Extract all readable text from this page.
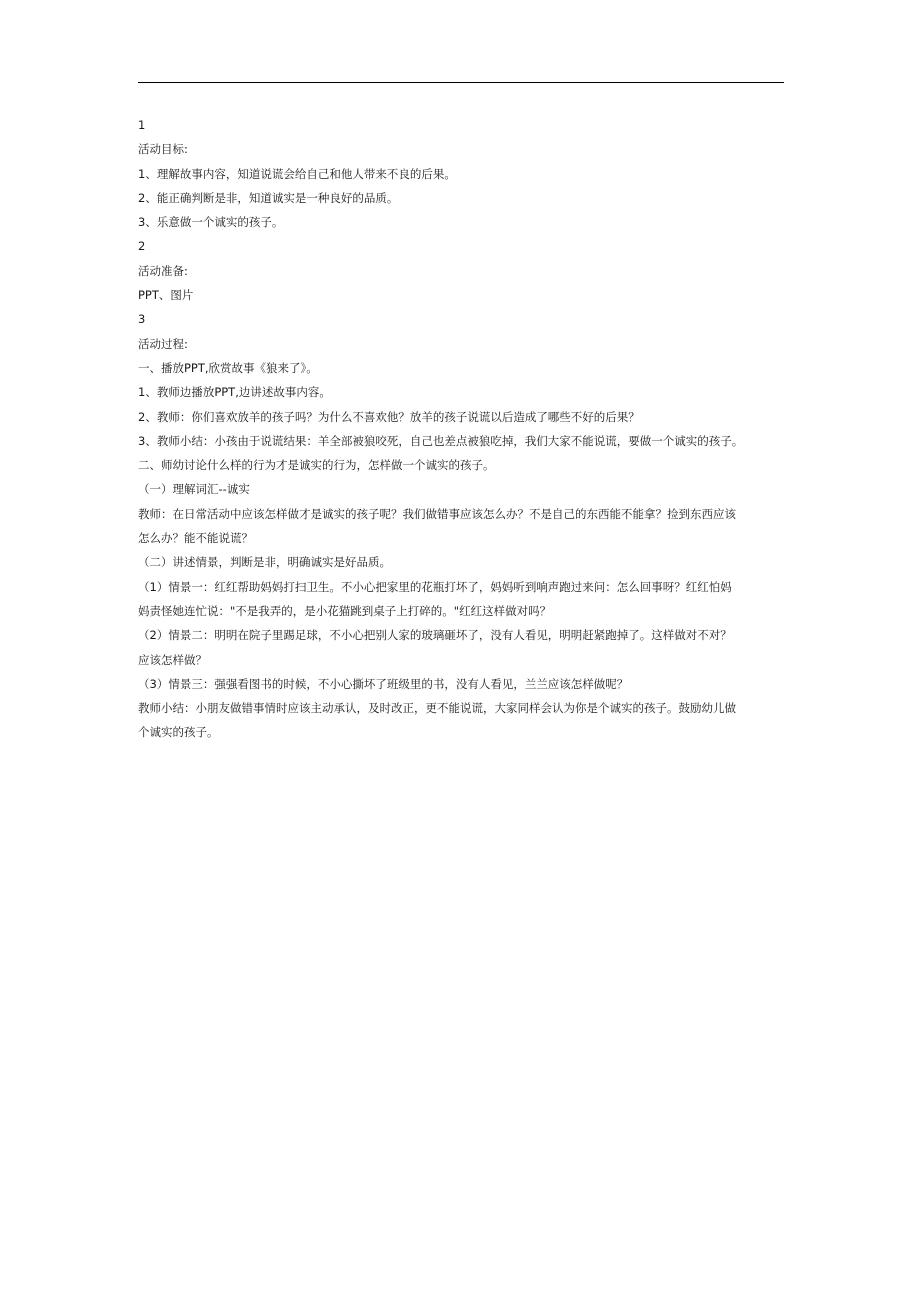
1

活动目标:

1、理解故事内容，知道说谎会给自己和他人带来不良的后果。

2、能正确判断是非，知道诚实是一种良好的品质。

3、乐意做一个诚实的孩子。

2

活动准备:

PPT、图片

3

活动过程:

一、播放PPT,欣赏故事《狼来了》。

1、教师边播放PPT,边讲述故事内容。

2、教师：你们喜欢放羊的孩子吗？为什么不喜欢他？放羊的孩子说谎以后造成了哪些不好的后果？

3、教师小结：小孩由于说谎结果：羊全部被狼咬死，自己也差点被狼吃掉，我们大家不能说谎，要做一个诚实的孩子。

二、师幼讨论什么样的行为才是诚实的行为，怎样做一个诚实的孩子。

（一）理解词汇--诚实

教师：在日常活动中应该怎样做才是诚实的孩子呢？我们做错事应该怎么办？不是自己的东西能不能拿？捡到东西应该

怎么办？能不能说谎？

（二）讲述情景，判断是非，明确诚实是好品质。

（1）情景一：红红帮助妈妈打扫卫生。不小心把家里的花瓶打坏了，妈妈听到响声跑过来问：怎么回事呀？红红怕妈

妈责怪她连忙说："不是我弄的，是小花猫跳到桌子上打碎的。"红红这样做对吗？

（2）情景二：明明在院子里踢足球，不小心把别人家的玻璃砸坏了，没有人看见，明明赶紧跑掉了。这样做对不对？

应该怎样做？

（3）情景三：强强看图书的时候，不小心撕坏了班级里的书，没有人看见，兰兰应该怎样做呢？

教师小结：小朋友做错事情时应该主动承认，及时改正，更不能说谎，大家同样会认为你是个诚实的孩子。鼓励幼儿做

个诚实的孩子。
